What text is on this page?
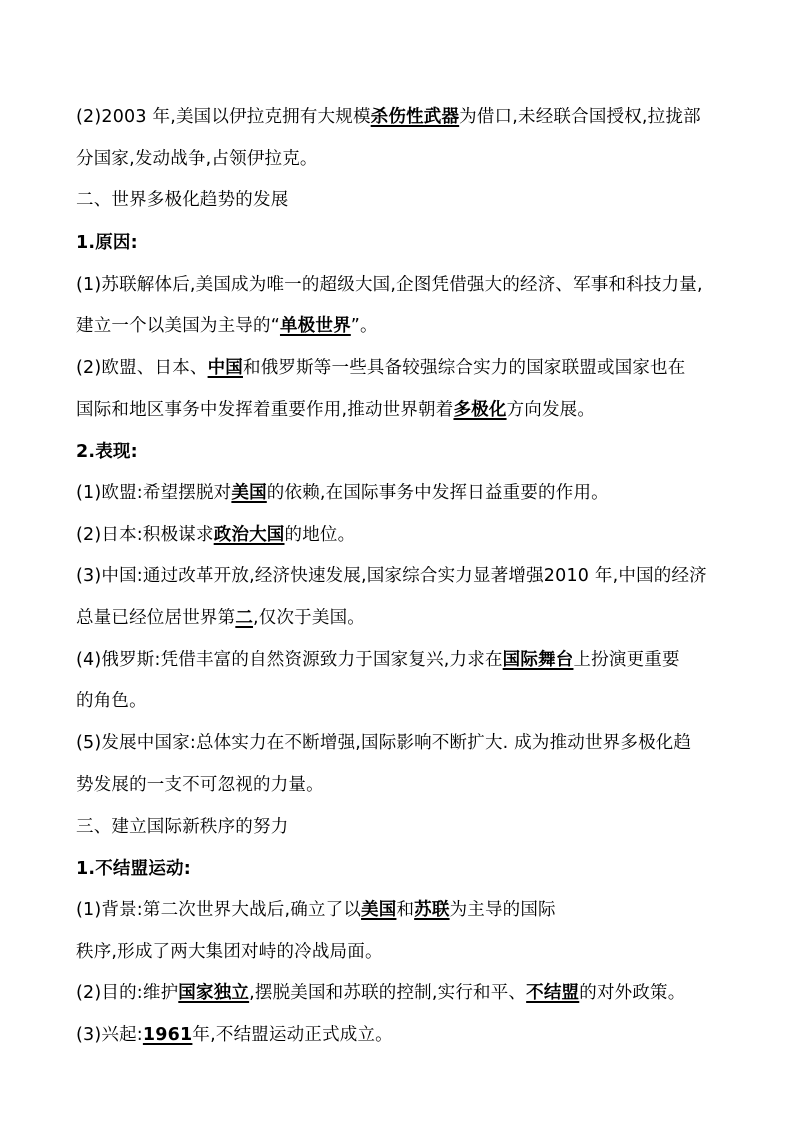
(2)2003 年,美国以伊拉克拥有大规模杀伤性武器为借口,未经联合国授权,拉拢部
分国家,发动战争,占领伊拉克。
二、世界多极化趋势的发展
1.原因:
(1)苏联解体后,美国成为唯一的超级大国,企图凭借强大的经济、军事和科技力量,
建立一个以美国为主导的“单极世界”。
(2)欧盟、日本、中国和俄罗斯等一些具备较强综合实力的国家联盟或国家也在
国际和地区事务中发挥着重要作用,推动世界朝着多极化方向发展。
2.表现:
(1)欧盟:希望摆脱对美国的依赖,在国际事务中发挥日益重要的作用。
(2)日本:积极谋求政治大国的地位。
(3)中国:通过改革开放,经济快速发展,国家综合实力显著增强2010 年,中国的经济
总量已经位居世界第二,仅次于美国。
(4)俄罗斯:凭借丰富的自然资源致力于国家复兴,力求在国际舞台上扮演更重要
的角色。
(5)发展中国家:总体实力在不断增强,国际影响不断扩大. 成为推动世界多极化趋
势发展的一支不可忽视的力量。
三、建立国际新秩序的努力
1.不结盟运动:
(1)背景:第二次世界大战后,确立了以美国和苏联为主导的国际
秩序,形成了两大集团对峙的冷战局面。
(2)目的:维护国家独立,摆脱美国和苏联的控制,实行和平、不结盟的对外政策。
(3)兴起:1961年,不结盟运动正式成立。
